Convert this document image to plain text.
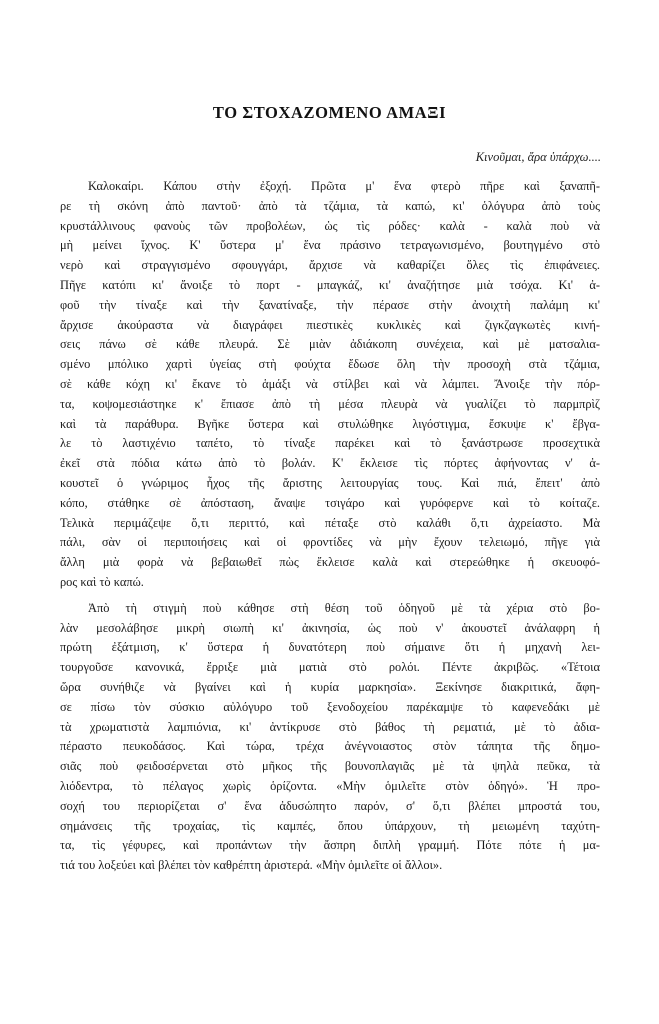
ΤΟ ΣΤΟΧΑΖΟΜΕΝΟ ΑΜΑΞΙ

Κινοῦμαι, ἄρα ὑπάρχω....

Καλοκαίρι. Κάπου στὴν ἐξοχή. Πρῶτα μ' ἕνα φτερὸ πῆρε καὶ ξαναπῆ-
ρε τὴ σκόνη ἀπὸ παντοῦ· ἀπὸ τὰ τζάμια, τὰ καπώ, κι' ὁλόγυρα ἀπὸ τοὺς
κρυστάλλινους φανοὺς τῶν προβολέων, ὡς τὶς ρόδες· καλὰ - καλὰ ποὺ νὰ
μὴ μείνει ἴχνος. Κ' ὕστερα μ' ἕνα πράσινο τετραγωνισμένο, βουτηγμένο στὸ
νερὸ καὶ στραγγισμένο σφουγγάρι, ἄρχισε νὰ καθαρίζει ὅλες τὶς ἐπιφάνειες.
Πῆγε κατόπι κι' ἄνοιξε τὸ πορτ - μπαγκάζ, κι' ἀναζήτησε μιὰ τσόχα. Κι' ἀ-
φοῦ τὴν τίναξε καὶ τὴν ξανατίναξε, τὴν πέρασε στὴν ἀνοιχτὴ παλάμη κι'
ἄρχισε ἀκούραστα νὰ διαγράφει πιεστικὲς κυκλικὲς καὶ ζιγκζαγκωτὲς κινή-
σεις πάνω σὲ κάθε πλευρά. Σὲ μιὰν ἀδιάκοπη συνέχεια, καὶ μὲ ματσαλια-
σμένο μπόλικο χαρτὶ ὑγείας στὴ φούχτα ἔδωσε ὅλη τὴν προσοχὴ στὰ τζάμια,
σὲ κάθε κόχη κι' ἔκανε τὸ ἁμάξι νὰ στίλβει καὶ νὰ λάμπει. Ἄνοιξε τὴν πόρ-
τα, κοψομεσιάστηκε κ' ἔπιασε ἀπὸ τὴ μέσα πλευρὰ νὰ γυαλίζει τὸ παρμπρὶζ
καὶ τὰ παράθυρα. Βγῆκε ὕστερα καὶ στυλώθηκε λιγόστιγμα, ἔσκυψε κ' ἔβγα-
λε τὸ λαστιχένιο ταπέτο, τὸ τίναξε παρέκει καὶ τὸ ξανάστρωσε προσεχτικὰ
ἐκεῖ στὰ πόδια κάτω ἀπὸ τὸ βολάν. Κ' ἔκλεισε τὶς πόρτες ἀφήνοντας ν' ἀ-
κουστεῖ ὁ γνώριμος ἦχος τῆς ἄριστης λειτουργίας τους. Καὶ πιά, ἔπειτ' ἀπὸ
κόπο, στάθηκε σὲ ἀπόσταση, ἄναψε τσιγάρο καὶ γυρόφερνε καὶ τὸ κοίταζε.
Τελικὰ περιμάζεψε ὅ,τι περιττό, καὶ πέταξε στὸ καλάθι ὅ,τι ἀχρείαστο. Μὰ
πάλι, σὰν οἱ περιποιήσεις καὶ οἱ φροντίδες νὰ μὴν ἔχουν τελειωμό, πῆγε γιὰ
ἄλλη μιὰ φορὰ νὰ βεβαιωθεῖ πὼς ἔκλεισε καλὰ καὶ στερεώθηκε ἡ σκευοφό-
ρος καὶ τὸ καπώ.

Ἀπὸ τὴ στιγμὴ ποὺ κάθησε στὴ θέση τοῦ ὁδηγοῦ μὲ τὰ χέρια στὸ βο-
λὰν μεσολάβησε μικρὴ σιωπὴ κι' ἀκινησία, ὡς ποὺ ν' ἀκουστεῖ ἀνάλαφρη ἡ
πρώτη ἐξάτμιση, κ' ὕστερα ἡ δυνατότερη ποὺ σήμαινε ὅτι ἡ μηχανὴ λει-
τουργοῦσε κανονικά, ἔρριξε μιὰ ματιὰ στὸ ρολόι. Πέντε ἀκριβῶς. «Τέτοια
ὥρα συνήθιζε νὰ βγαίνει καὶ ἡ κυρία μαρκησία». Ξεκίνησε διακριτικά, ἄφη-
σε πίσω τὸν σύσκιο αὐλόγυρο τοῦ ξενοδοχείου παρέκαμψε τὸ καφενεδάκι μὲ
τὰ χρωματιστὰ λαμπιόνια, κι' ἀντίκρυσε στὸ βάθος τὴ ρεματιά, μὲ τὸ ἀδια-
πέραστο πευκοδάσος. Καὶ τώρα, τρέχα ἀνέγνοιαστος στὸν τάπητα τῆς δημο-
σιᾶς ποὺ φειδοσέρνεται στὸ μῆκος τῆς βουνοπλαγιᾶς μὲ τὰ ψηλὰ πεῦκα, τὰ
λιόδεντρα, τὸ πέλαγος χωρὶς ὁρίζοντα. «Μὴν ὁμιλεῖτε στὸν ὁδηγό». Ἡ προ-
σοχή του περιορίζεται σ' ἕνα ἀδυσώπητο παρόν, σ' ὅ,τι βλέπει μπροστά του,
σημάνσεις τῆς τροχαίας, τὶς καμπές, ὅπου ὑπάρχουν, τὴ μειωμένη ταχύτη-
τα, τὶς γέφυρες, καὶ προπάντων τὴν ἄσπρη διπλὴ γραμμή. Πότε πότε ἡ μα-
τιά του λοξεύει καὶ βλέπει τὸν καθρέπτη ἀριστερά. «Μὴν ὁμιλεῖτε οἱ ἄλλοι».
